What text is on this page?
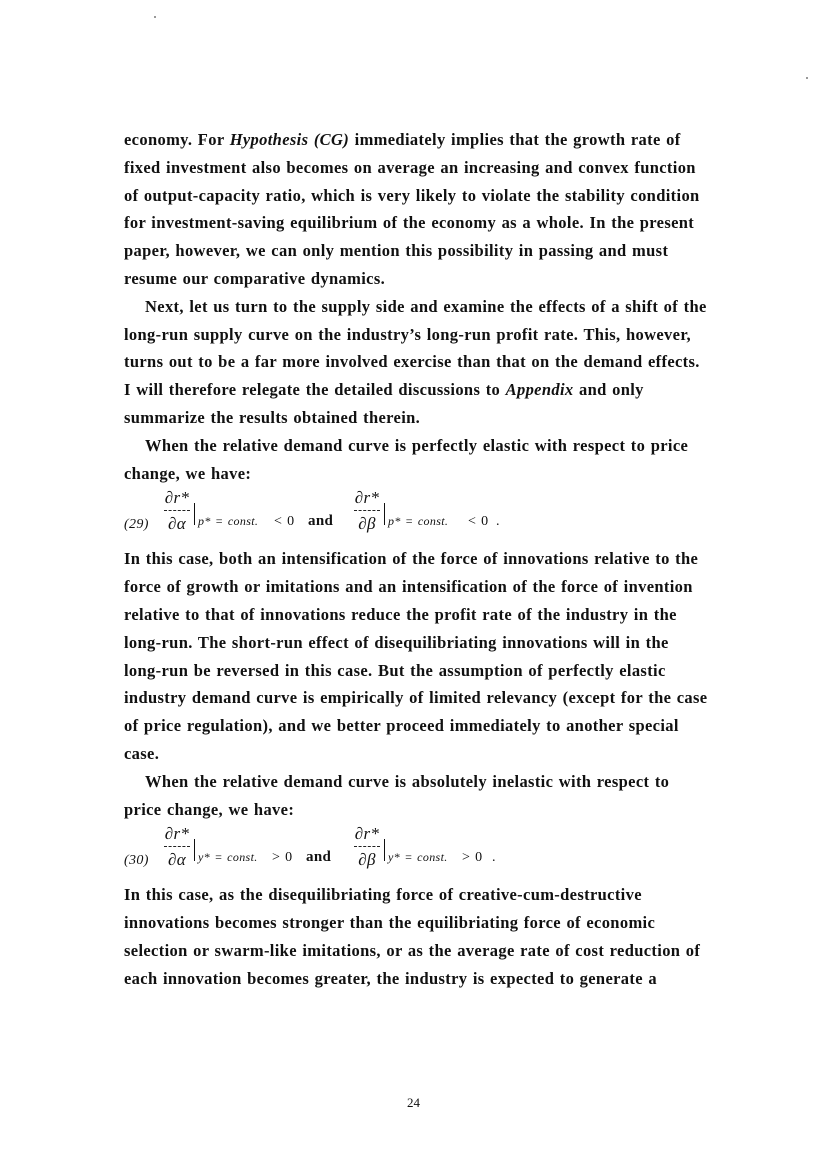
economy. For Hypothesis (CG) immediately implies that the growth rate of
fixed investment also becomes on average an increasing and convex function
of output-capacity ratio, which is very likely to violate the stability condition
for investment-saving equilibrium of the economy as a whole. In the present
paper, however, we can only mention this possibility in passing and must
resume our comparative dynamics.
Next, let us turn to the supply side and examine the effects of a shift of the
long-run supply curve on the industry’s long-run profit rate. This, however,
turns out to be a far more involved exercise than that on the demand effects.
I will therefore relegate the detailed discussions to Appendix and only
summarize the results obtained therein.
When the relative demand curve is perfectly elastic with respect to price
change, we have:
(29)
∂r*
∂α p* = const. < 0 and
∂r*
∂β	p* = const. < 0 .
In this case, both an intensification of the force of innovations relative to the
force of growth or imitations and an intensification of the force of invention
relative to that of innovations reduce the profit rate of the industry in the
long-run. The short-run effect of disequilibriating innovations will in the
long-run be reversed in this case. But the assumption of perfectly elastic
industry demand curve is empirically of limited relevancy (except for the case
of price regulation), and we better proceed immediately to another special
case.
When the relative demand curve is absolutely inelastic with respect to
price change, we have:
(30)
∂r*
∂α y* = const. > 0 and
∂r*
∂β	y* = const. > 0 .
In this case, as the disequilibriating force of creative-cum-destructive
innovations becomes stronger than the equilibriating force of economic
selection or swarm-like imitations, or as the average rate of cost reduction of
each innovation becomes greater, the industry is expected to generate a
24
